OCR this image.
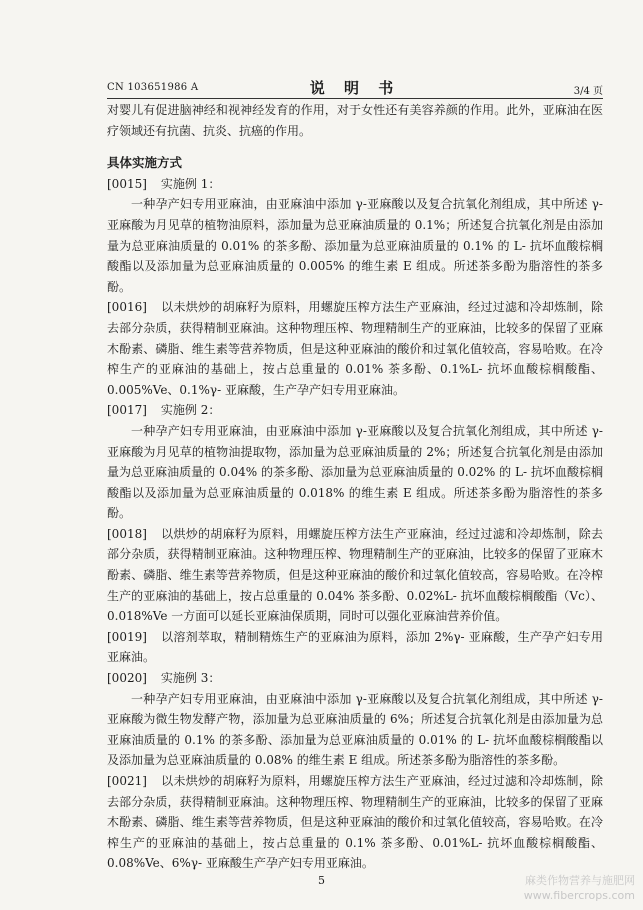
CN 103651986 A	说 明 书	3/4 页

对婴儿有促进脑神经和视神经发育的作用，对于女性还有美容养颜的作用。此外，亚麻油在医疗领域还有抗菌、抗炎、抗癌的作用。

具体实施方式

[0015] 实施例 1：

一种孕产妇专用亚麻油，由亚麻油中添加 γ-亚麻酸以及复合抗氧化剂组成，其中所述 γ-亚麻酸为月见草的植物油原料，添加量为总亚麻油质量的 0.1%；所述复合抗氧化剂是由添加量为总亚麻油质量的 0.01% 的茶多酚、添加量为总亚麻油质量的 0.1% 的 L- 抗坏血酸棕榈酸酯以及添加量为总亚麻油质量的 0.005% 的维生素 E 组成。所述茶多酚为脂溶性的茶多酚。

[0016] 以未烘炒的胡麻籽为原料，用螺旋压榨方法生产亚麻油，经过过滤和冷却炼制，除去部分杂质，获得精制亚麻油。这种物理压榨、物理精制生产的亚麻油，比较多的保留了亚麻木酚素、磷脂、维生素等营养物质，但是这种亚麻油的酸价和过氧化值较高，容易哈败。在冷榨生产的亚麻油的基础上，按占总重量的 0.01% 茶多酚、0.1%L- 抗坏血酸棕榈酸酯、0.005%Ve、0.1%γ- 亚麻酸，生产孕产妇专用亚麻油。

[0017] 实施例 2：

一种孕产妇专用亚麻油，由亚麻油中添加 γ-亚麻酸以及复合抗氧化剂组成，其中所述 γ-亚麻酸为月见草的植物油提取物，添加量为总亚麻油质量的 2%；所述复合抗氧化剂是由添加量为总亚麻油质量的 0.04% 的茶多酚、添加量为总亚麻油质量的 0.02% 的 L- 抗坏血酸棕榈酸酯以及添加量为总亚麻油质量的 0.018% 的维生素 E 组成。所述茶多酚为脂溶性的茶多酚。

[0018] 以烘炒的胡麻籽为原料，用螺旋压榨方法生产亚麻油，经过过滤和冷却炼制，除去部分杂质，获得精制亚麻油。这种物理压榨、物理精制生产的亚麻油，比较多的保留了亚麻木酚素、磷脂、维生素等营养物质，但是这种亚麻油的酸价和过氧化值较高，容易哈败。在冷榨生产的亚麻油的基础上，按占总重量的 0.04% 茶多酚、0.02%L- 抗坏血酸棕榈酸酯（Vc）、0.018%Ve 一方面可以延长亚麻油保质期，同时可以强化亚麻油营养价值。

[0019] 以溶剂萃取，精制精炼生产的亚麻油为原料，添加 2%γ- 亚麻酸，生产孕产妇专用亚麻油。

[0020] 实施例 3：

一种孕产妇专用亚麻油，由亚麻油中添加 γ-亚麻酸以及复合抗氧化剂组成，其中所述 γ-亚麻酸为微生物发酵产物，添加量为总亚麻油质量的 6%；所述复合抗氧化剂是由添加量为总亚麻油质量的 0.1% 的茶多酚、添加量为总亚麻油质量的 0.01% 的 L- 抗坏血酸棕榈酸酯以及添加量为总亚麻油质量的 0.08% 的维生素 E 组成。所述茶多酚为脂溶性的茶多酚。

[0021] 以未烘炒的胡麻籽为原料，用螺旋压榨方法生产亚麻油，经过过滤和冷却炼制，除去部分杂质，获得精制亚麻油。这种物理压榨、物理精制生产的亚麻油，比较多的保留了亚麻木酚素、磷脂、维生素等营养物质，但是这种亚麻油的酸价和过氧化值较高，容易哈败。在冷榨生产的亚麻油的基础上，按占总重量的 0.1% 茶多酚、0.01%L- 抗坏血酸棕榈酸酯、0.08%Ve、6%γ- 亚麻酸生产孕产妇专用亚麻油。

5	麻类作物营养与施肥网
www.fibercrops.com
